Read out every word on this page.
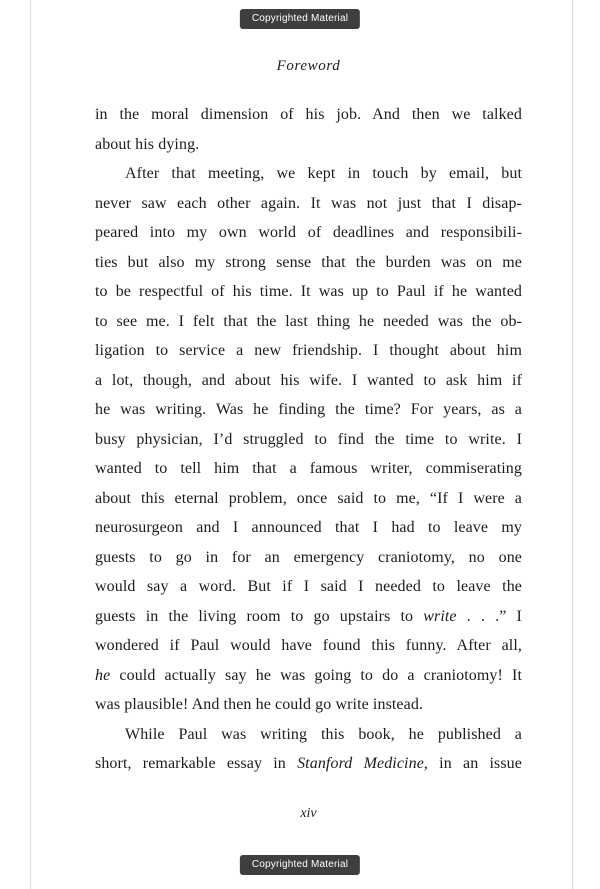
Copyrighted Material
Foreword
in the moral dimension of his job. And then we talked
about his dying.
After that meeting, we kept in touch by email, but
never saw each other again. It was not just that I disap-
peared into my own world of deadlines and responsibili-
ties but also my strong sense that the burden was on me
to be respectful of his time. It was up to Paul if he wanted
to see me. I felt that the last thing he needed was the ob-
ligation to service a new friendship. I thought about him
a lot, though, and about his wife. I wanted to ask him if
he was writing. Was he finding the time? For years, as a
busy physician, I’d struggled to find the time to write. I
wanted to tell him that a famous writer, commiserating
about this eternal problem, once said to me, “If I were a
neurosurgeon and I announced that I had to leave my
guests to go in for an emergency craniotomy, no one
would say a word. But if I said I needed to leave the
guests in the living room to go upstairs to write . . .” I
wondered if Paul would have found this funny. After all,
he could actually say he was going to do a craniotomy! It
was plausible! And then he could go write instead.
While Paul was writing this book, he published a
short, remarkable essay in Stanford Medicine, in an issue
xiv
Copyrighted Material
